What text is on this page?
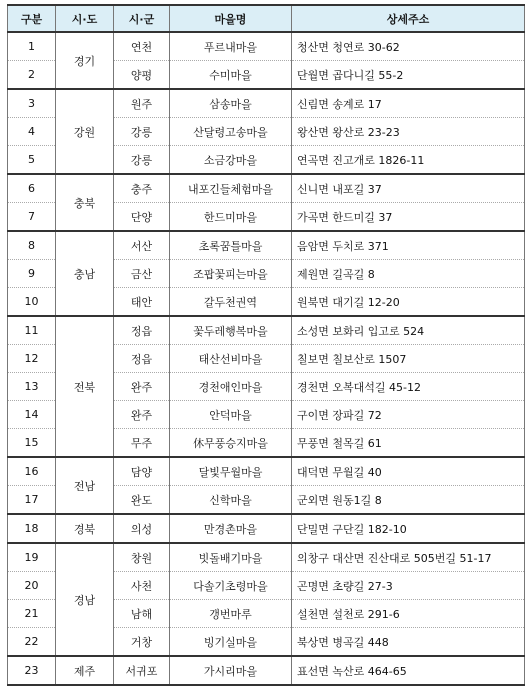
구분	시·도	시·군	마을명	상세주소
1	경기	연천	푸르내마을	청산면 청연로 30-62
2		양평	수미마을	단월면 곱다니길 55-2
3	강원	원주	삼송마을	신림면 송계로 17
4		강릉	산달령고송마을	왕산면 왕산로 23-23
5		강릉	소금강마을	연곡면 진고개로 1826-11
6	충북	충주	내포긴들체험마을	신니면 내포길 37
7		단양	한드미마을	가곡면 한드미길 37
8	충남	서산	초록꿈틀마을	음암면 두치로 371
9		금산	조팝꽃피는마을	제원면 길곡길 8
10		태안	갈두천권역	원북면 대기길 12-20
11	전북	정읍	꽃두레행복마을	소성면 보화리 입고로 524
12		정읍	태산선비마을	칠보면 칠보산로 1507
13		완주	경천애인마을	경천면 오복대석길 45-12
14		완주	안덕마을	구이면 장파길 72
15		무주	休무풍승지마을	무풍면 철목길 61
16	전남	담양	달빛무월마을	대덕면 무월길 40
17		완도	신학마을	군외면 원동1길 8
18	경북	의성	만경촌마을	단밀면 구단길 182-10
19	경남	창원	빗돌배기마을	의창구 대산면 진산대로 505번길 51-17
20		사천	다솔기초령마을	곤명면 초량길 27-3
21		남해	갱번마루	설천면 설천로 291-6
22		거창	빙기실마을	북상면 병곡길 448
23	제주	서귀포	가시리마을	표선면 녹산로 464-65
